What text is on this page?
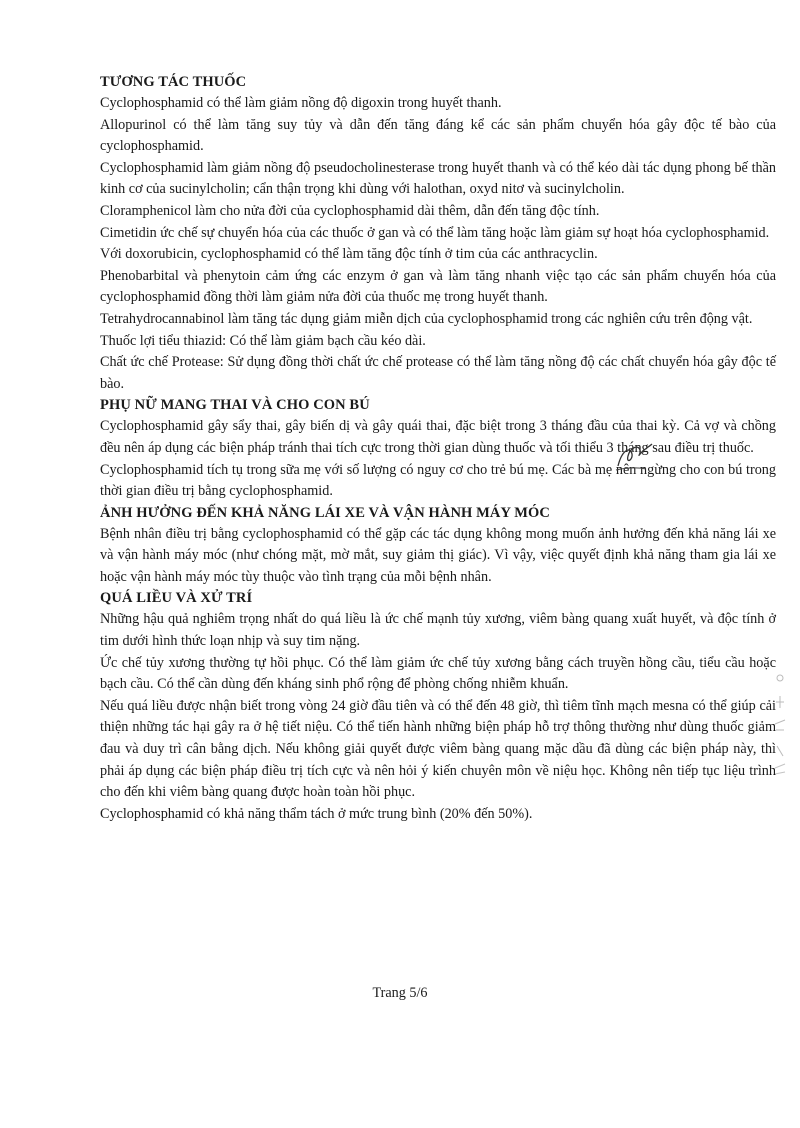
TƯƠNG TÁC THUỐC

Cyclophosphamid có thể làm giảm nồng độ digoxin trong huyết thanh.

Allopurinol có thể làm tăng suy tủy và dẫn đến tăng đáng kể các sản phẩm chuyển hóa gây độc tế bào của cyclophosphamid.

Cyclophosphamid làm giảm nồng độ pseudocholinesterase trong huyết thanh và có thể kéo dài tác dụng phong bế thần kinh cơ của sucinylcholin; cẩn thận trọng khi dùng với halothan, oxyd nitơ và sucinylcholin.

Cloramphenicol làm cho nửa đời của cyclophosphamid dài thêm, dẫn đến tăng độc tính.

Cimetidin ức chế sự chuyển hóa của các thuốc ở gan và có thể làm tăng hoặc làm giảm sự hoạt hóa cyclophosphamid.

Với doxorubicin, cyclophosphamid có thể làm tăng độc tính ở tim của các anthracyclin.

Phenobarbital và phenytoin cảm ứng các enzym ở gan và làm tăng nhanh việc tạo các sản phẩm chuyển hóa của cyclophosphamid đồng thời làm giảm nửa đời của thuốc mẹ trong huyết thanh.

Tetrahydrocannabinol làm tăng tác dụng giảm miễn dịch của cyclophosphamid trong các nghiên cứu trên động vật.

Thuốc lợi tiểu thiazid: Có thể làm giảm bạch cầu kéo dài.

Chất ức chế Protease: Sử dụng đồng thời chất ức chế protease có thể làm tăng nồng độ các chất chuyển hóa gây độc tế bào.

PHỤ NỮ MANG THAI VÀ CHO CON BÚ

Cyclophosphamid gây sẩy thai, gây biến dị và gây quái thai, đặc biệt trong 3 tháng đầu của thai kỳ. Cả vợ và chồng đều nên áp dụng các biện pháp tránh thai tích cực trong thời gian dùng thuốc và tối thiểu 3 tháng sau điều trị thuốc.

Cyclophosphamid tích tụ trong sữa mẹ với số lượng có nguy cơ cho trẻ bú mẹ. Các bà mẹ nên ngừng cho con bú trong thời gian điều trị bằng cyclophosphamid.

ẢNH HƯỞNG ĐẾN KHẢ NĂNG LÁI XE VÀ VẬN HÀNH MÁY MÓC

Bệnh nhân điều trị bằng cyclophosphamid có thể gặp các tác dụng không mong muốn ảnh hưởng đến khả năng lái xe và vận hành máy móc (như chóng mặt, mờ mắt, suy giảm thị giác). Vì vậy, việc quyết định khả năng tham gia lái xe hoặc vận hành máy móc tùy thuộc vào tình trạng của mỗi bệnh nhân.

QUÁ LIỀU VÀ XỬ TRÍ

Những hậu quả nghiêm trọng nhất do quá liều là ức chế mạnh tủy xương, viêm bàng quang xuất huyết, và độc tính ở tim dưới hình thức loạn nhịp và suy tim nặng.

Ức chế tủy xương thường tự hồi phục. Có thể làm giảm ức chế tủy xương bằng cách truyền hồng cầu, tiểu cầu hoặc bạch cầu. Có thể cần dùng đến kháng sinh phổ rộng để phòng chống nhiễm khuẩn.

Nếu quá liều được nhận biết trong vòng 24 giờ đầu tiên và có thể đến 48 giờ, thì tiêm tĩnh mạch mesna có thể giúp cải thiện những tác hại gây ra ở hệ tiết niệu. Có thể tiến hành những biện pháp hỗ trợ thông thường như dùng thuốc giảm đau và duy trì cân bằng dịch. Nếu không giải quyết được viêm bàng quang mặc dầu đã dùng các biện pháp này, thì phải áp dụng các biện pháp điều trị tích cực và nên hỏi ý kiến chuyên môn về niệu học. Không nên tiếp tục liệu trình cho đến khi viêm bàng quang được hoàn toàn hồi phục.

Cyclophosphamid có khả năng thẩm tách ở mức trung bình (20% đến 50%).

Trang 5/6
